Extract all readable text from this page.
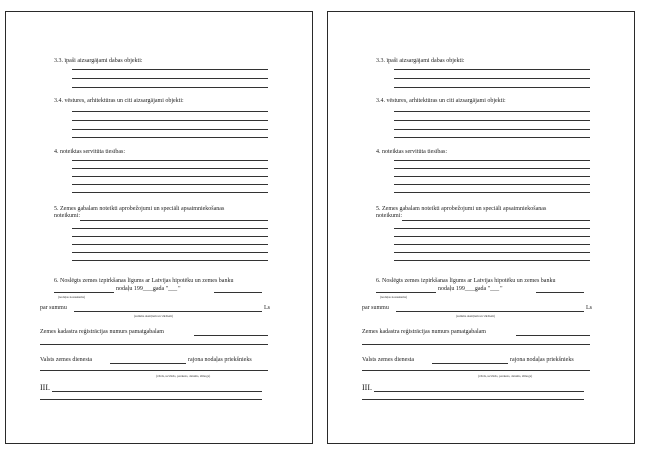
3.3. īpaši aizsargājami dabas objekti:
3.4. vēstures, arhitektūras un citi aizsargājami objekti:
4. noteiktas servitūta tiesības:
5. Zemes gabalam noteikti aprobežojumi un speciāli apsaimniekošanas
noteikumi:
6. Noslēgts zemes izpirkšanas līgums ar Latvijas hipotēku un zemes banku
nodaļu 199____gada "___"
(nodaļas nosaukums)
par summu	Ls
(summa skaitļiem un vārdiem)
Zemes kadastra reģistrācijas numurs pamatgabalam
Valsts zemes dienesta	rajona nodaļas priekšnieks
(vārds, uzvārds, paraksts, datums, zīmogs)
III.
3.3. īpaši aizsargājami dabas objekti:
3.4. vēstures, arhitektūras un citi aizsargājami objekti:
4. noteiktas servitūta tiesības:
5. Zemes gabalam noteikti aprobežojumi un speciāli apsaimniekošanas
noteikumi:
6. Noslēgts zemes izpirkšanas līgums ar Latvijas hipotēku un zemes banku
nodaļu 199____gada "___"
(nodaļas nosaukums)
par summu	Ls
(summa skaitļiem un vārdiem)
Zemes kadastra reģistrācijas numurs pamatgabalam
Valsts zemes dienesta	rajona nodaļas priekšnieks
(vārds, uzvārds, paraksts, datums, zīmogs)
III.
